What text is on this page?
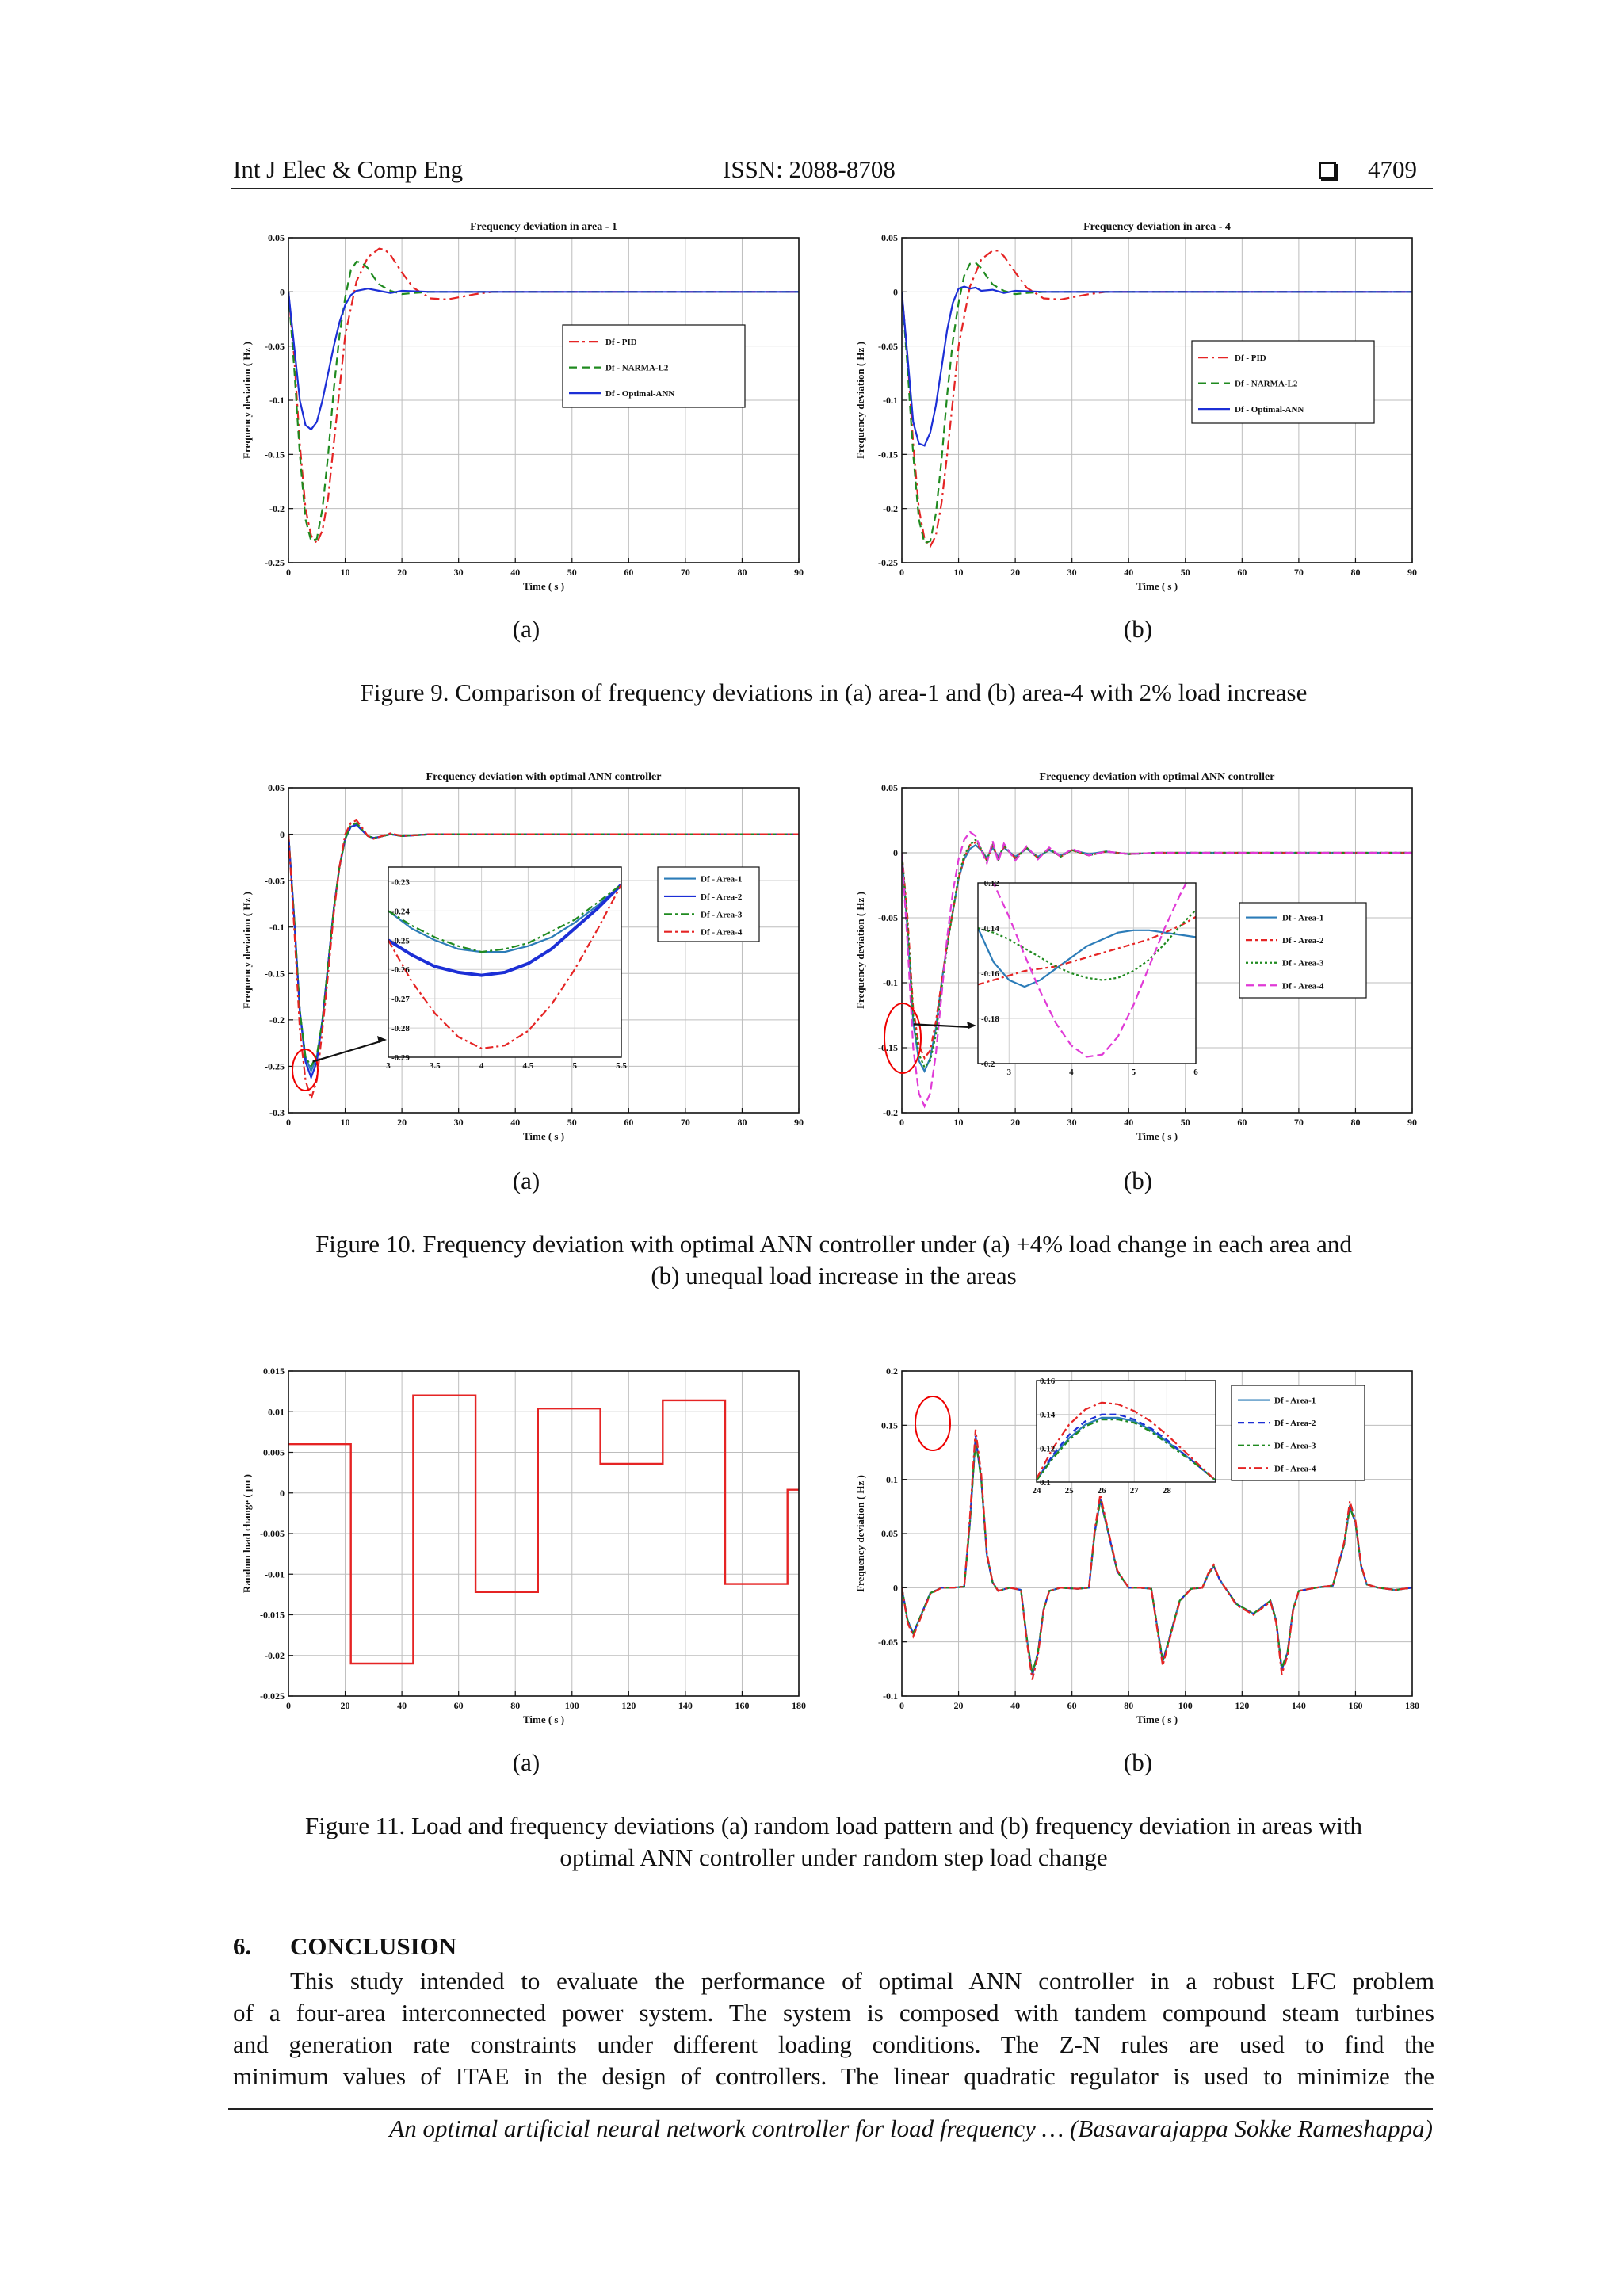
Int J Elec & Comp Eng	ISSN: 2088-8708	4709
0	10	20	30	40	50	60	70	80	90
0.05
0
-0.05
-0.1
-0.15
-0.2
-0.25
Frequency deviation in area - 1
Time ( s )
Frequency deviation ( Hz )	Df - PID
Df - NARMA-L2
Df - Optimal-ANN
0	10	20	30	40	50	60	70	80	90
0.05
0
-0.05
-0.1
-0.15
-0.2
-0.25
Frequency deviation in area - 4
Time ( s )
Frequency deviation ( Hz )	Df - PID
Df - NARMA-L2
Df - Optimal-ANN
(a)	(b)
Figure 9. Comparison of frequency deviations in (a) area-1 and (b) area-4 with 2% load increase
0	10	20	30	40	50	60	70	80	90
0.05
0
-0.05
-0.1
-0.15
-0.2
-0.25
-0.3
Frequency deviation with optimal ANN controller
Time ( s )
Frequency deviation ( Hz )
3	3.5	4	4.5	5	5.5
-0.23
-0.24
-0.25
-0.26
-0.27
-0.28
-0.29
Df - Area-1
Df - Area-2
Df - Area-3
Df - Area-4
0	10	20	30	40	50	60	70	80	90
0.05
0
-0.05
-0.1
-0.15
-0.2
Frequency deviation with optimal ANN controller
Time ( s )
Frequency deviation ( Hz )
3	4	5	6
-0.12
-0.14
-0.16
-0.18
-0.2
Df - Area-1
Df - Area-2
Df - Area-3
Df - Area-4
(a)	(b)
Figure 10. Frequency deviation with optimal ANN controller under (a) +4% load change in each area and
(b) unequal load increase in the areas
0	20	40	60	80	100	120	140	160	180
0.015
0.01
0.005
0
-0.005
-0.01
-0.015
-0.02
-0.025
Time ( s )
Random load change ( pu )
0	20	40	60	80	100	120	140	160	180
0.2
0.15
0.1
0.05
0
-0.05
-0.1
Time ( s )
Frequency deviation ( Hz )	24	25	26	27	28
0.16
0.14
0.12
0.1
Df - Area-1
Df - Area-2
Df - Area-3
Df - Area-4
(a)	(b)
Figure 11. Load and frequency deviations (a) random load pattern and (b) frequency deviation in areas with
optimal ANN controller under random step load change
6. CONCLUSION
This study intended to evaluate the performance of optimal ANN controller in a robust LFC problem
of a four-area interconnected power system. The system is composed with tandem compound steam turbines
and generation rate constraints under different loading conditions. The Z-N rules are used to find the
minimum values of ITAE in the design of controllers. The linear quadratic regulator is used to minimize the
An optimal artificial neural network controller for load frequency … (Basavarajappa Sokke Rameshappa)
